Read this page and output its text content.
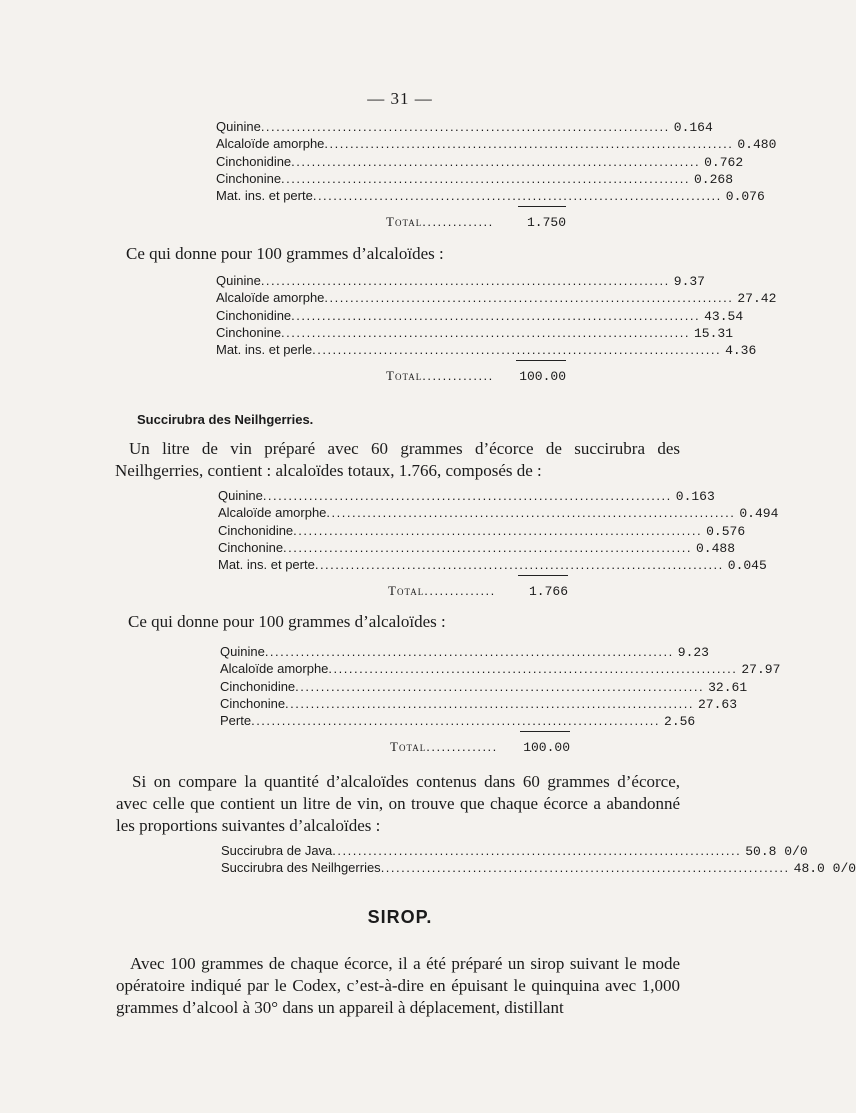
— 31 —
Quinine................................................................................ 0.164
Alcaloïde amorphe................................................................................ 0.480
Cinchonidine................................................................................ 0.762
Cinchonine................................................................................ 0.268
Mat. ins. et perte................................................................................ 0.076
Total..............	1.750
Ce qui donne pour 100 grammes d’alcaloïdes :
Quinine................................................................................ 9.37
Alcaloïde amorphe................................................................................ 27.42
Cinchonidine................................................................................ 43.54
Cinchonine................................................................................ 15.31
Mat. ins. et perle................................................................................ 4.36
Total..............	100.00
Succirubra des Neilhgerries.
Un litre de vin préparé avec 60 grammes d’écorce de succirubra des Neilhgerries, contient : alcaloïdes totaux, 1.766, composés de :
Quinine................................................................................ 0.163
Alcaloïde amorphe................................................................................ 0.494
Cinchonidine................................................................................ 0.576
Cinchonine................................................................................ 0.488
Mat. ins. et perte................................................................................ 0.045
Total..............	1.766
Ce qui donne pour 100 grammes d’alcaloïdes :
Quinine................................................................................ 9.23
Alcaloïde amorphe................................................................................ 27.97
Cinchonidine................................................................................ 32.61
Cinchonine................................................................................ 27.63
Perte................................................................................ 2.56
Total..............	100.00
Si on compare la quantité d’alcaloïdes contenus dans 60 grammes d’écorce, avec celle que contient un litre de vin, on trouve que chaque écorce a abandonné les proportions suivantes d’alcaloïdes :
Succirubra de Java................................................................................ 50.8 0/0
Succirubra des Neilhgerries................................................................................ 48.0 0/0
SIROP.
Avec 100 grammes de chaque écorce, il a été préparé un sirop suivant le mode opératoire indiqué par le Codex, c’est-à-dire en épuisant le quinquina avec 1,000 grammes d’alcool à 30° dans un appareil à déplacement, distillant
